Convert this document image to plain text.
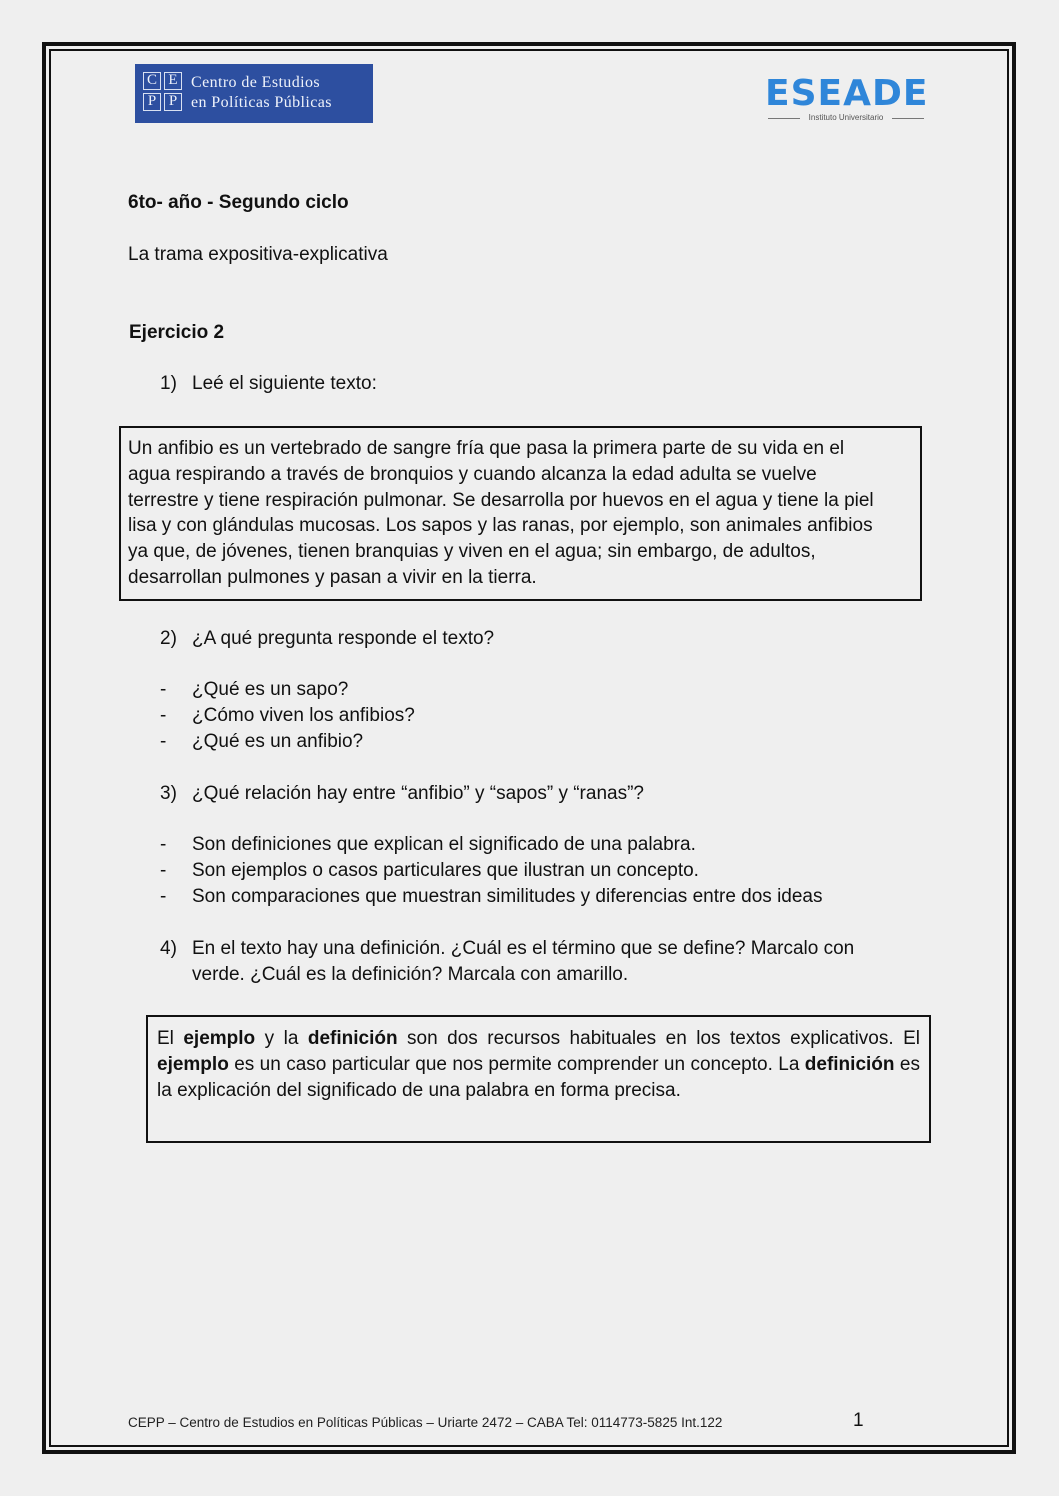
C E
P P
Centro de Estudios
en Políticas Públicas	ESEADE
Instituto Universitario
6to- año - Segundo ciclo
La trama expositiva-explicativa
Ejercicio 2
1) Leé el siguiente texto:

Un anfibio es un vertebrado de sangre fría que pasa la primera parte de su vida en el
agua respirando a través de bronquios y cuando alcanza la edad adulta se vuelve
terrestre y tiene respiración pulmonar. Se desarrolla por huevos en el agua y tiene la piel
lisa y con glándulas mucosas. Los sapos y las ranas, por ejemplo, son animales anfibios
ya que, de jóvenes, tienen branquias y viven en el agua; sin embargo, de adultos,
desarrollan pulmones y pasan a vivir en la tierra.

2) ¿A qué pregunta responde el texto?
- ¿Qué es un sapo?
- ¿Cómo viven los anfibios?
- ¿Qué es un anfibio?
3) ¿Qué relación hay entre “anfibio” y “sapos” y “ranas”?
- Son definiciones que explican el significado de una palabra.
- Son ejemplos o casos particulares que ilustran un concepto.
- Son comparaciones que muestran similitudes y diferencias entre dos ideas
4) En el texto hay una definición. ¿Cuál es el término que se define? Marcalo con
verde. ¿Cuál es la definición? Marcala con amarillo.

El ejemplo y la definición son dos recursos habituales en los textos explicativos. El ejemplo es un caso particular que nos permite comprender un concepto. La definición es la explicación del significado de una palabra en forma precisa.

CEPP – Centro de Estudios en Políticas Públicas – Uriarte 2472 – CABA Tel: 0114773-5825 Int.122	1
